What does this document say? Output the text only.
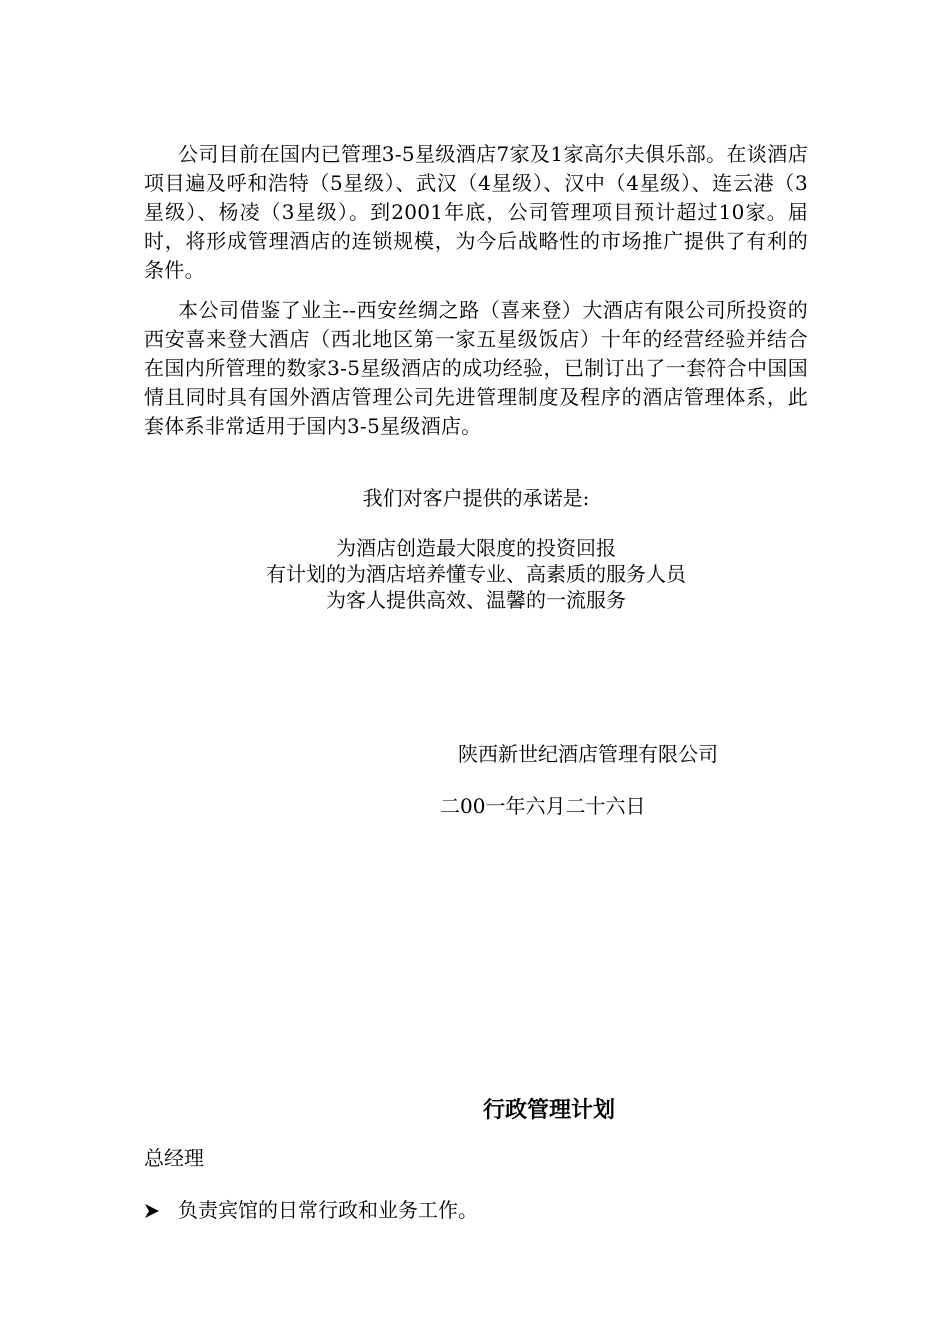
公司目前在国内已管理3-5星级酒店7家及1家高尔夫俱乐部。在谈酒店项目遍及呼和浩特（5星级）、武汉（4星级）、汉中（4星级）、连云港（3星级）、杨凌（3星级）。到2001年底，公司管理项目预计超过10家。届时，将形成管理酒店的连锁规模，为今后战略性的市场推广提供了有利的条件。

本公司借鉴了业主--西安丝绸之路（喜来登）大酒店有限公司所投资的西安喜来登大酒店（西北地区第一家五星级饭店）十年的经营经验并结合在国内所管理的数家3-5星级酒店的成功经验，已制订出了一套符合中国国情且同时具有国外酒店管理公司先进管理制度及程序的酒店管理体系，此套体系非常适用于国内3-5星级酒店。

我们对客户提供的承诺是:

为酒店创造最大限度的投资回报
有计划的为酒店培养懂专业、高素质的服务人员
为客人提供高效、温馨的一流服务

陕西新世纪酒店管理有限公司

二00一年六月二十六日

行政管理计划

总经理

负责宾馆的日常行政和业务工作。
